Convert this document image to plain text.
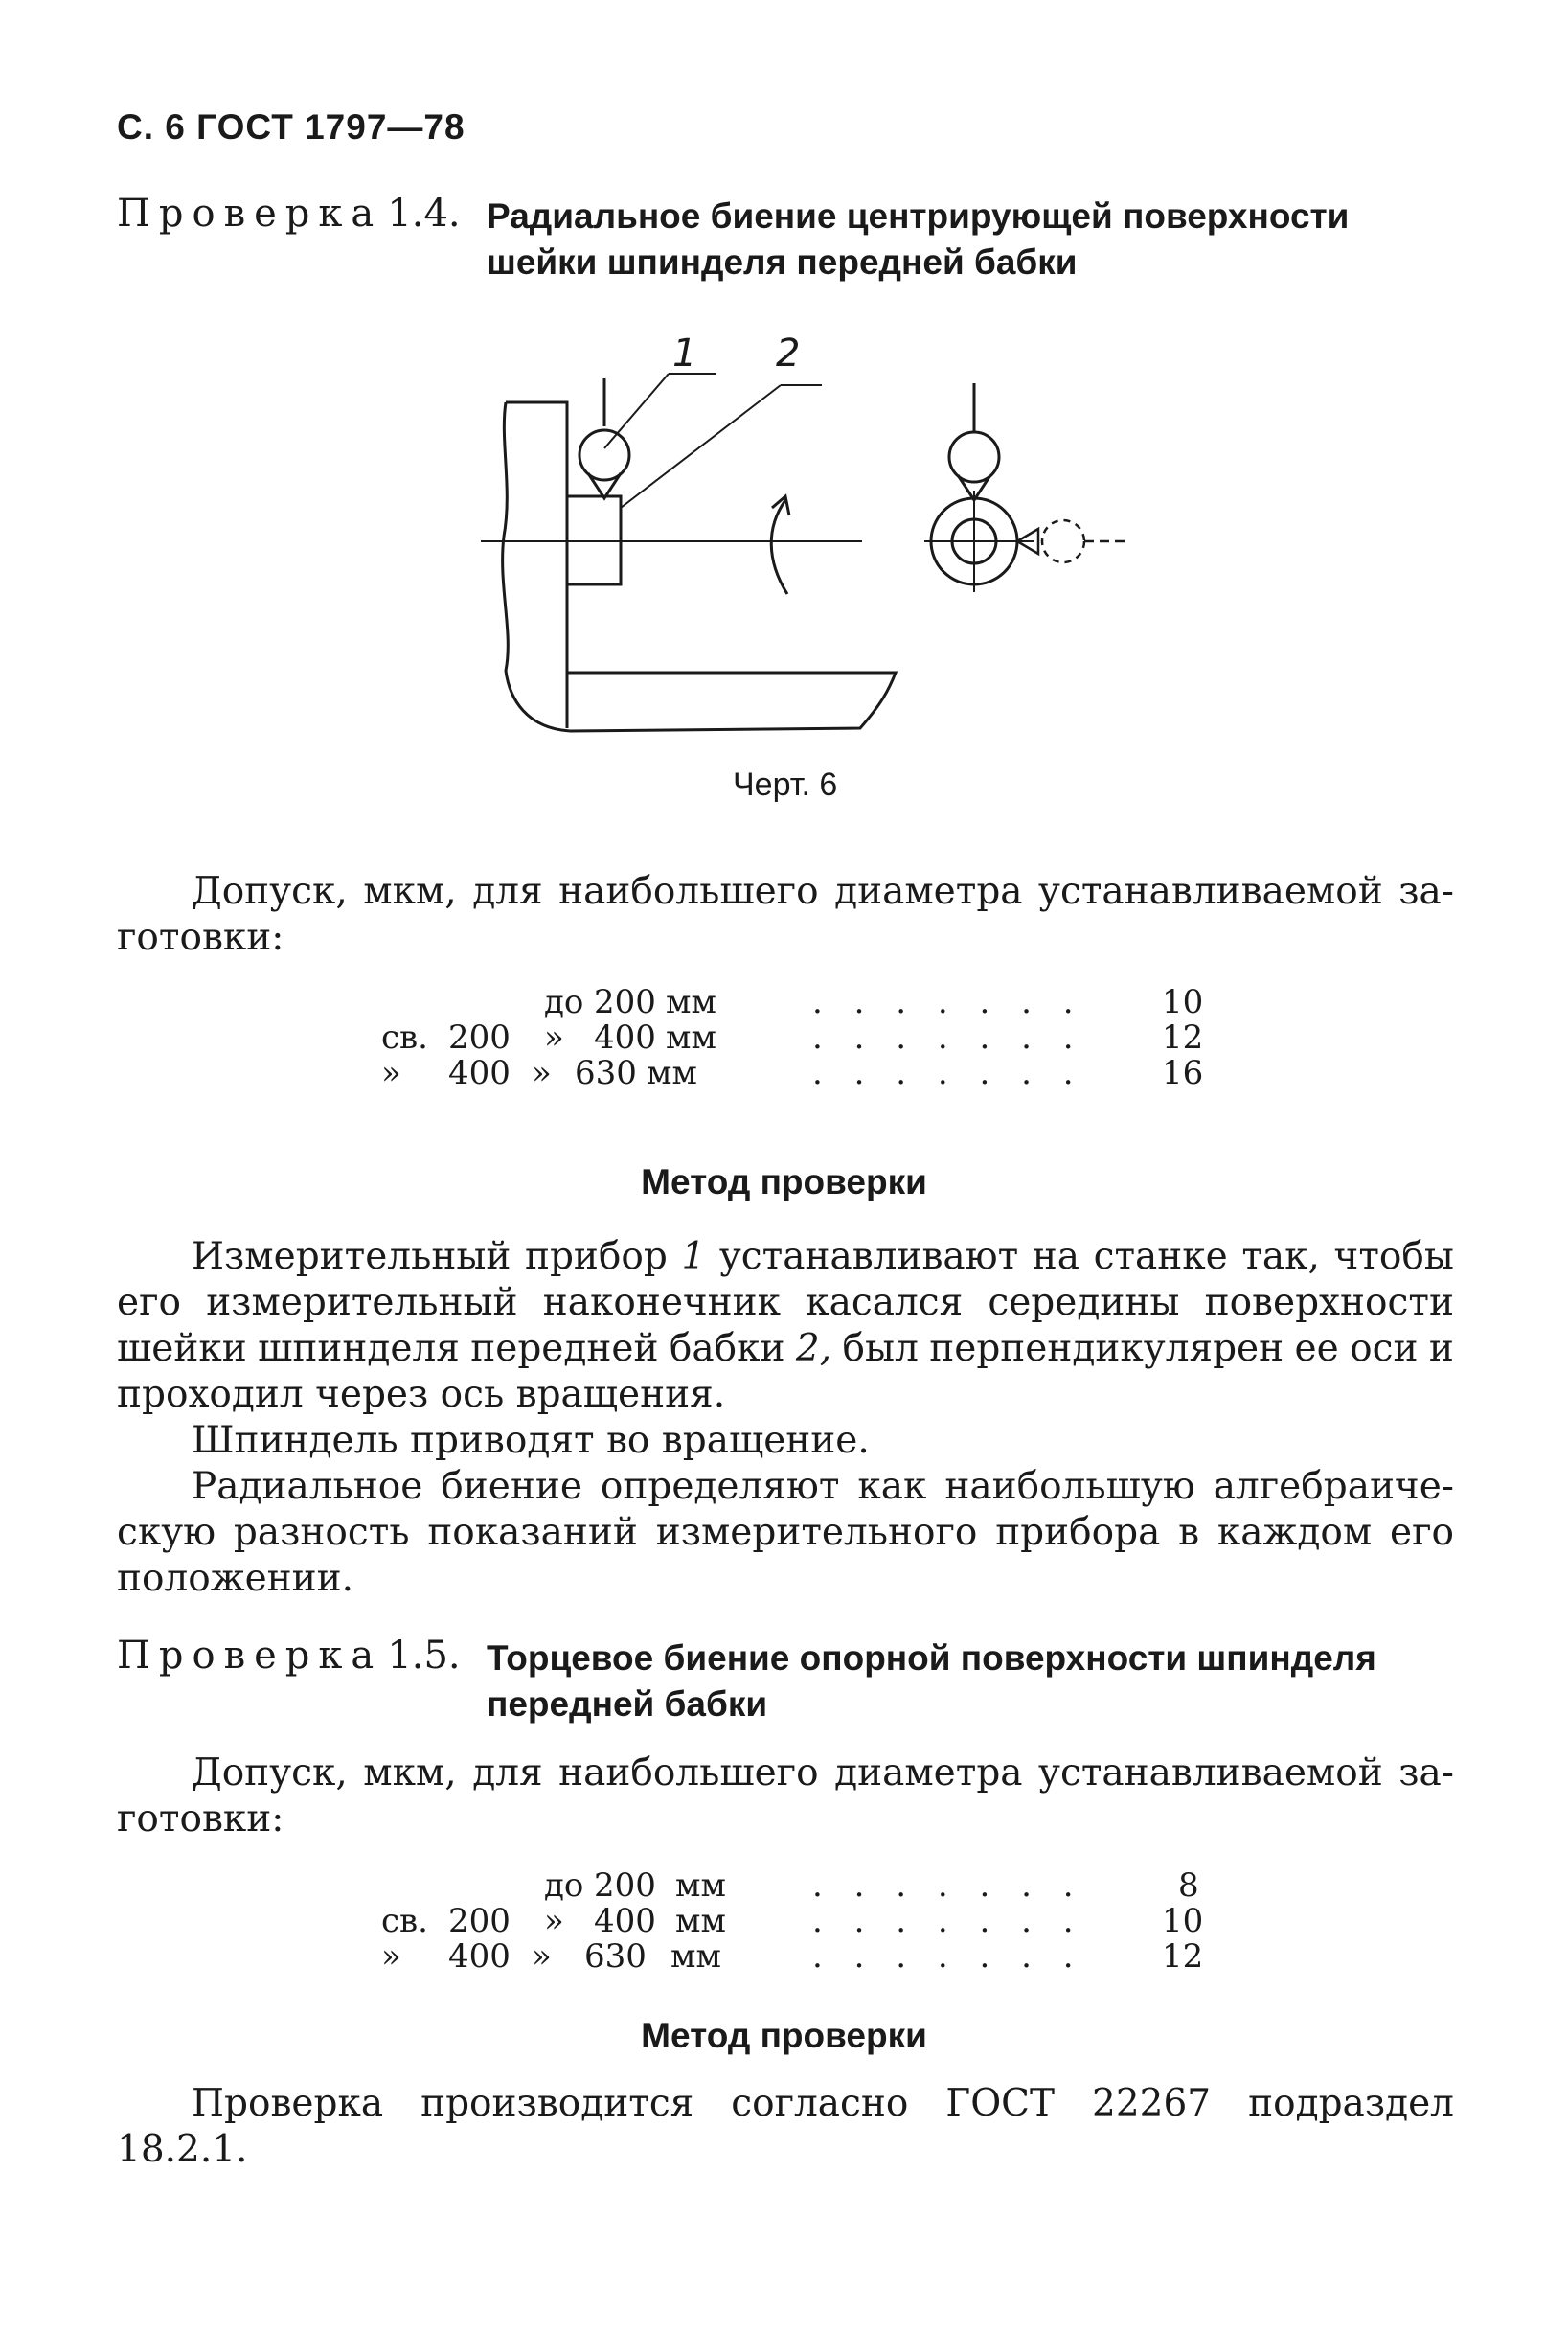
С. 6 ГОСТ 1797—78
Проверка 1.4. Радиальное биение центрирующей поверхности
шейки шпинделя передней бабки
1 2
Черт. 6
Допуск, мкм, для наибольшего диаметра устанавливаемой за-
готовки:
до 200 мм	. . . . . . . 10
св. 200 » 400 мм	. . . . . . . 12
» 400 » 630 мм	. . . . . . . 16
Метод проверки
Измерительный прибор 1 устанавливают на станке так, чтобы
его измерительный наконечник касался середины поверхности
шейки шпинделя передней бабки 2, был перпендикулярен ее оси и
проходил через ось вращения.
Шпиндель приводят во вращение.
Радиальное биение определяют как наибольшую алгебраиче-
скую разность показаний измерительного прибора в каждом его
положении.
Проверка 1.5. Торцевое биение опорной поверхности шпинделя
передней бабки
Допуск, мкм, для наибольшего диаметра устанавливаемой за-
готовки:
до 200 мм	. . . . . . .	8
св. 200 » 400 мм	. . . . . . . 10
» 400 » 630 мм	. . . . . . . 12
Метод проверки
Проверка производится согласно ГОСТ 22267 подраздел
18.2.1.
